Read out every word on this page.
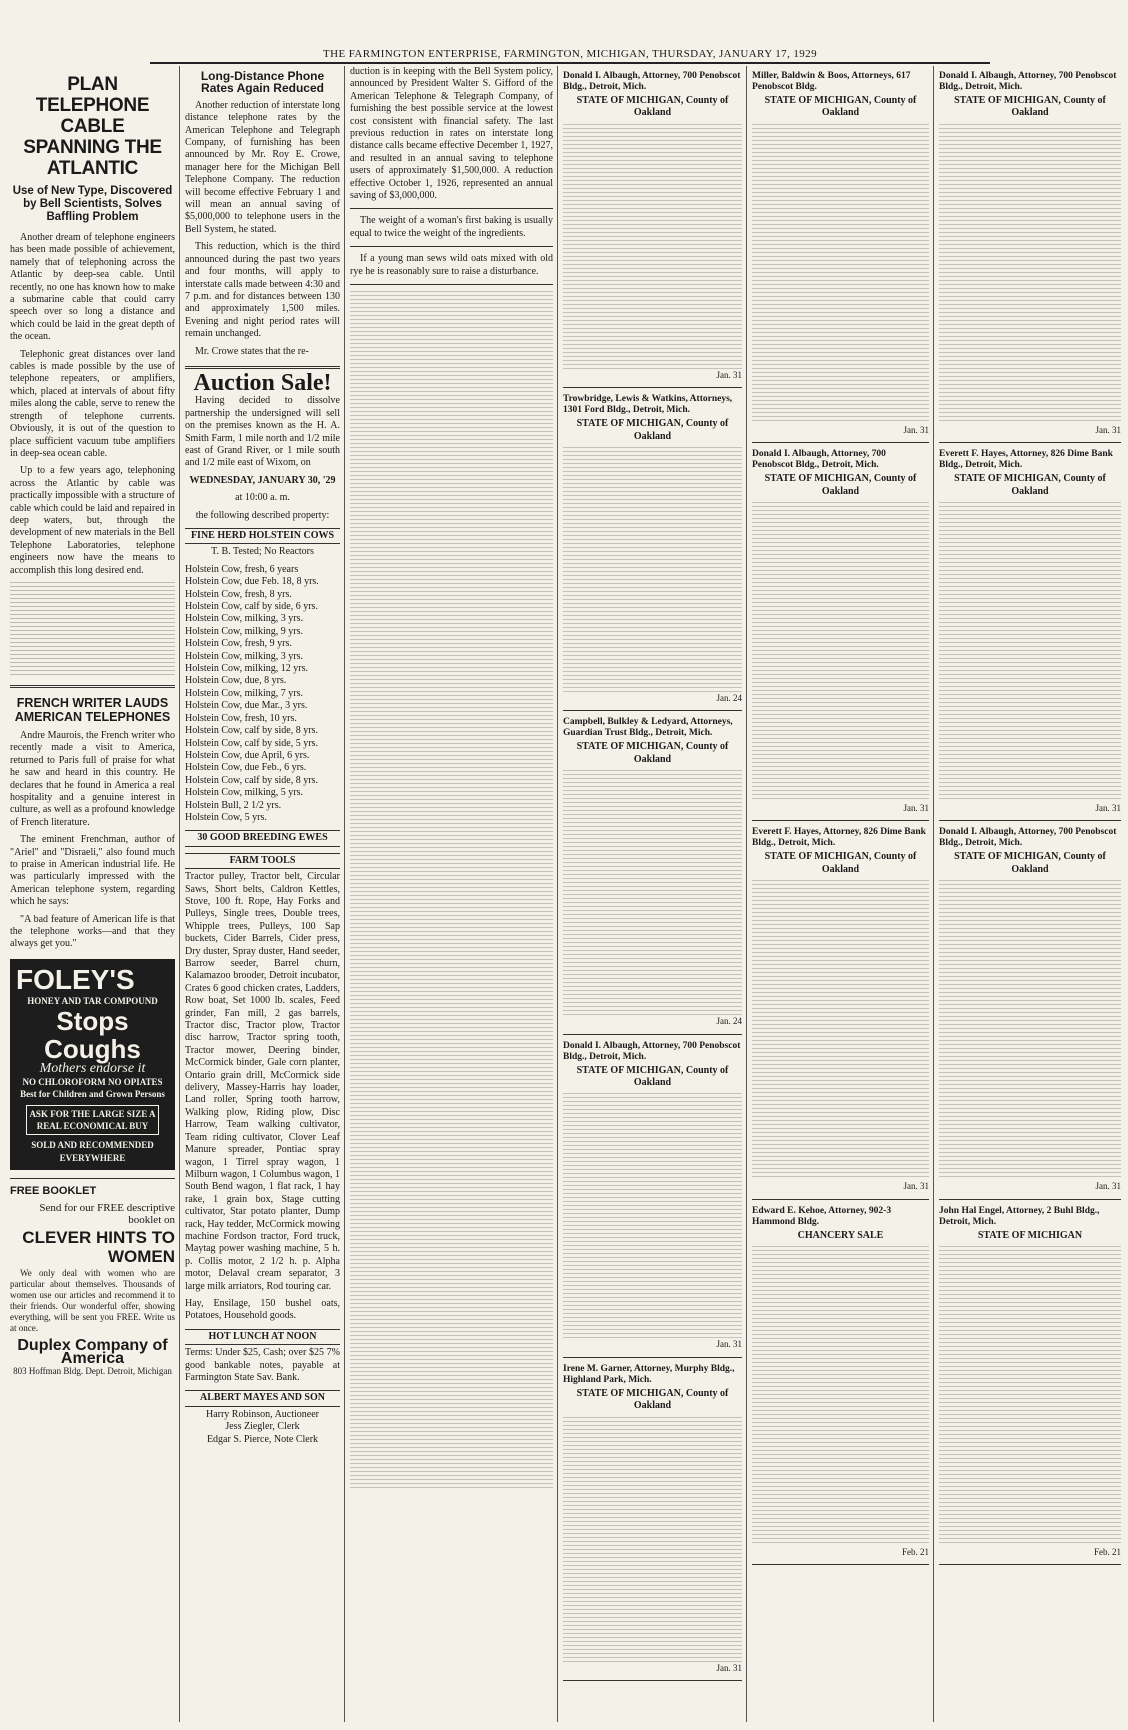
THE FARMINGTON ENTERPRISE, FARMINGTON, MICHIGAN, THURSDAY, JANUARY 17, 1929
PLAN TELEPHONE CABLE SPANNING THE ATLANTIC
Use of New Type, Discovered by Bell Scientists, Solves Baffling Problem

Another dream of telephone engineers has been made possible of achievement, namely that of telephoning across the Atlantic by deep-sea cable. Until recently, no one has known how to make a submarine cable that could carry speech over so long a distance and which could be laid in the great depth of the ocean.

Telephonic great distances over land cables is made possible by the use of telephone repeaters, or amplifiers, which, placed at intervals of about fifty miles along the cable, serve to renew the strength of telephone currents. Obviously, it is out of the question to place sufficient vacuum tube amplifiers in deep-sea ocean cable.

Up to a few years ago, telephoning across the Atlantic by cable was practically impossible with a structure of cable which could be laid and repaired in deep waters, but, through the development of new materials in the Bell Telephone Laboratories, telephone engineers now have the means to accomplish this long desired end.

FRENCH WRITER LAUDS AMERICAN TELEPHONES

Andre Maurois, the French writer who recently made a visit to America, returned to Paris full of praise for what he saw and heard in this country. He declares that he found in America a real hospitality and a genuine interest in culture, as well as a profound knowledge of French literature.

The eminent Frenchman, author of "Ariel" and "Disraeli," also found much to praise in American industrial life. He was particularly impressed with the American telephone system, regarding which he says:

"A bad feature of American life is that the telephone works—and that they always get you."

FOLEY'S
HONEY AND TAR COMPOUND
Stops Coughs
Mothers endorse it
NO CHLOROFORM NO OPIATES
Best for Children and Grown Persons
ASK FOR THE LARGE SIZE A REAL ECONOMICAL BUY
SOLD AND RECOMMENDED EVERYWHERE
FREE BOOKLET

Send for our FREE descriptive booklet on

CLEVER HINTS TO WOMEN

We only deal with women who are particular about themselves. Thousands of women use our articles and recommend it to their friends. Our wonderful offer, showing everything, will be sent you FREE. Write us at once.

Duplex Company of America

803 Hoffman Bldg. Dept. Detroit, Michigan

Long-Distance Phone Rates Again Reduced

Another reduction of interstate long distance telephone rates by the American Telephone and Telegraph Company, of furnishing has been announced by Mr. Roy E. Crowe, manager here for the Michigan Bell Telephone Company. The reduction will become effective February 1 and will mean an annual saving of $5,000,000 to telephone users in the Bell System, he stated.

This reduction, which is the third announced during the past two years and four months, will apply to interstate calls made between 4:30 and 7 p.m. and for distances between 130 and approximately 1,500 miles. Evening and night period rates will remain unchanged.

Mr. Crowe states that the re-

Auction Sale!

Having decided to dissolve partnership the undersigned will sell on the premises known as the H. A. Smith Farm, 1 mile north and 1/2 mile east of Grand River, or 1 mile south and 1/2 mile east of Wixom, on

WEDNESDAY, JANUARY 30, '29

at 10:00 a. m.

the following described property:

FINE HERD HOLSTEIN COWS

T. B. Tested; No Reactors

Holstein Cow, fresh, 6 years
Holstein Cow, due Feb. 18, 8 yrs.
Holstein Cow, fresh, 8 yrs.
Holstein Cow, calf by side, 6 yrs.
Holstein Cow, milking, 3 yrs.
Holstein Cow, milking, 9 yrs.
Holstein Cow, fresh, 9 yrs.
Holstein Cow, milking, 3 yrs.
Holstein Cow, milking, 12 yrs.
Holstein Cow, due, 8 yrs.
Holstein Cow, milking, 7 yrs.
Holstein Cow, due Mar., 3 yrs.
Holstein Cow, fresh, 10 yrs.
Holstein Cow, calf by side, 8 yrs.
Holstein Cow, calf by side, 5 yrs.
Holstein Cow, due April, 6 yrs.
Holstein Cow, due Feb., 6 yrs.
Holstein Cow, calf by side, 8 yrs.
Holstein Cow, milking, 5 yrs.
Holstein Bull, 2 1/2 yrs.
Holstein Cow, 5 yrs.
30 GOOD BREEDING EWES
FARM TOOLS

Tractor pulley, Tractor belt, Circular Saws, Short belts, Caldron Kettles, Stove, 100 ft. Rope, Hay Forks and Pulleys, Single trees, Double trees, Whipple trees, Pulleys, 100 Sap buckets, Cider Barrels, Cider press, Dry duster, Spray duster, Hand seeder, Barrow seeder, Barrel churn, Kalamazoo brooder, Detroit incubator, Crates 6 good chicken crates, Ladders, Row boat, Set 1000 lb. scales, Feed grinder, Fan mill, 2 gas barrels, Tractor disc, Tractor plow, Tractor disc harrow, Tractor spring tooth, Tractor mower, Deering binder, McCormick binder, Gale corn planter, Ontario grain drill, McCormick side delivery, Massey-Harris hay loader, Land roller, Spring tooth harrow, Walking plow, Riding plow, Disc Harrow, Team walking cultivator, Team riding cultivator, Clover Leaf Manure spreader, Pontiac spray wagon, 1 Tirrel spray wagon, 1 Milburn wagon, 1 Columbus wagon, 1 South Bend wagon, 1 flat rack, 1 hay rake, 1 grain box, Stage cutting cultivator, Star potato planter, Dump rack, Hay tedder, McCormick mowing machine Fordson tractor, Ford truck, Maytag power washing machine, 5 h. p. Collis motor, 2 1/2 h. p. Alpha motor, Delaval cream separator, 3 large milk arriators, Rod touring car.

Hay, Ensilage, 150 bushel oats, Potatoes, Household goods.

HOT LUNCH AT NOON

Terms: Under $25, Cash; over $25 7% good bankable notes, payable at Farmington State Sav. Bank.

ALBERT MAYES AND SON

Harry Robinson, Auctioneer

Jess Ziegler, Clerk

Edgar S. Pierce, Note Clerk

duction is in keeping with the Bell System policy, announced by President Walter S. Gifford of the American Telephone & Telegraph Company, of furnishing the best possible service at the lowest cost consistent with financial safety. The last previous reduction in rates on interstate long distance calls became effective December 1, 1927, and resulted in an annual saving to telephone users of approximately $1,500,000. A reduction effective October 1, 1926, represented an annual saving of $3,000,000.

The weight of a woman's first baking is usually equal to twice the weight of the ingredients.

If a young man sews wild oats mixed with old rye he is reasonably sure to raise a disturbance.

Donald I. Albaugh, Attorney, 700 Penobscot Bldg., Detroit, Mich.
STATE OF MICHIGAN, County of Oakland
Jan. 31
Trowbridge, Lewis & Watkins, Attorneys, 1301 Ford Bldg., Detroit, Mich.
STATE OF MICHIGAN, County of Oakland
Jan. 24
Campbell, Bulkley & Ledyard, Attorneys, Guardian Trust Bldg., Detroit, Mich.
STATE OF MICHIGAN, County of Oakland
Jan. 24
Donald I. Albaugh, Attorney, 700 Penobscot Bldg., Detroit, Mich.
STATE OF MICHIGAN, County of Oakland
Jan. 31
Irene M. Garner, Attorney, Murphy Bldg., Highland Park, Mich.
STATE OF MICHIGAN, County of Oakland
Jan. 31
Miller, Baldwin & Boos, Attorneys, 617 Penobscot Bldg.
STATE OF MICHIGAN, County of Oakland
Jan. 31
Donald I. Albaugh, Attorney, 700 Penobscot Bldg., Detroit, Mich.
STATE OF MICHIGAN, County of Oakland
Jan. 31
Everett F. Hayes, Attorney, 826 Dime Bank Bldg., Detroit, Mich.
STATE OF MICHIGAN, County of Oakland
Jan. 31
Edward E. Kehoe, Attorney, 902-3 Hammond Bldg.
CHANCERY SALE
Feb. 21
Donald I. Albaugh, Attorney, 700 Penobscot Bldg., Detroit, Mich.
STATE OF MICHIGAN, County of Oakland
Jan. 31
Everett F. Hayes, Attorney, 826 Dime Bank Bldg., Detroit, Mich.
STATE OF MICHIGAN, County of Oakland
Jan. 31
Donald I. Albaugh, Attorney, 700 Penobscot Bldg., Detroit, Mich.
STATE OF MICHIGAN, County of Oakland
Jan. 31
John Hal Engel, Attorney, 2 Buhl Bldg., Detroit, Mich.
STATE OF MICHIGAN
Feb. 21
